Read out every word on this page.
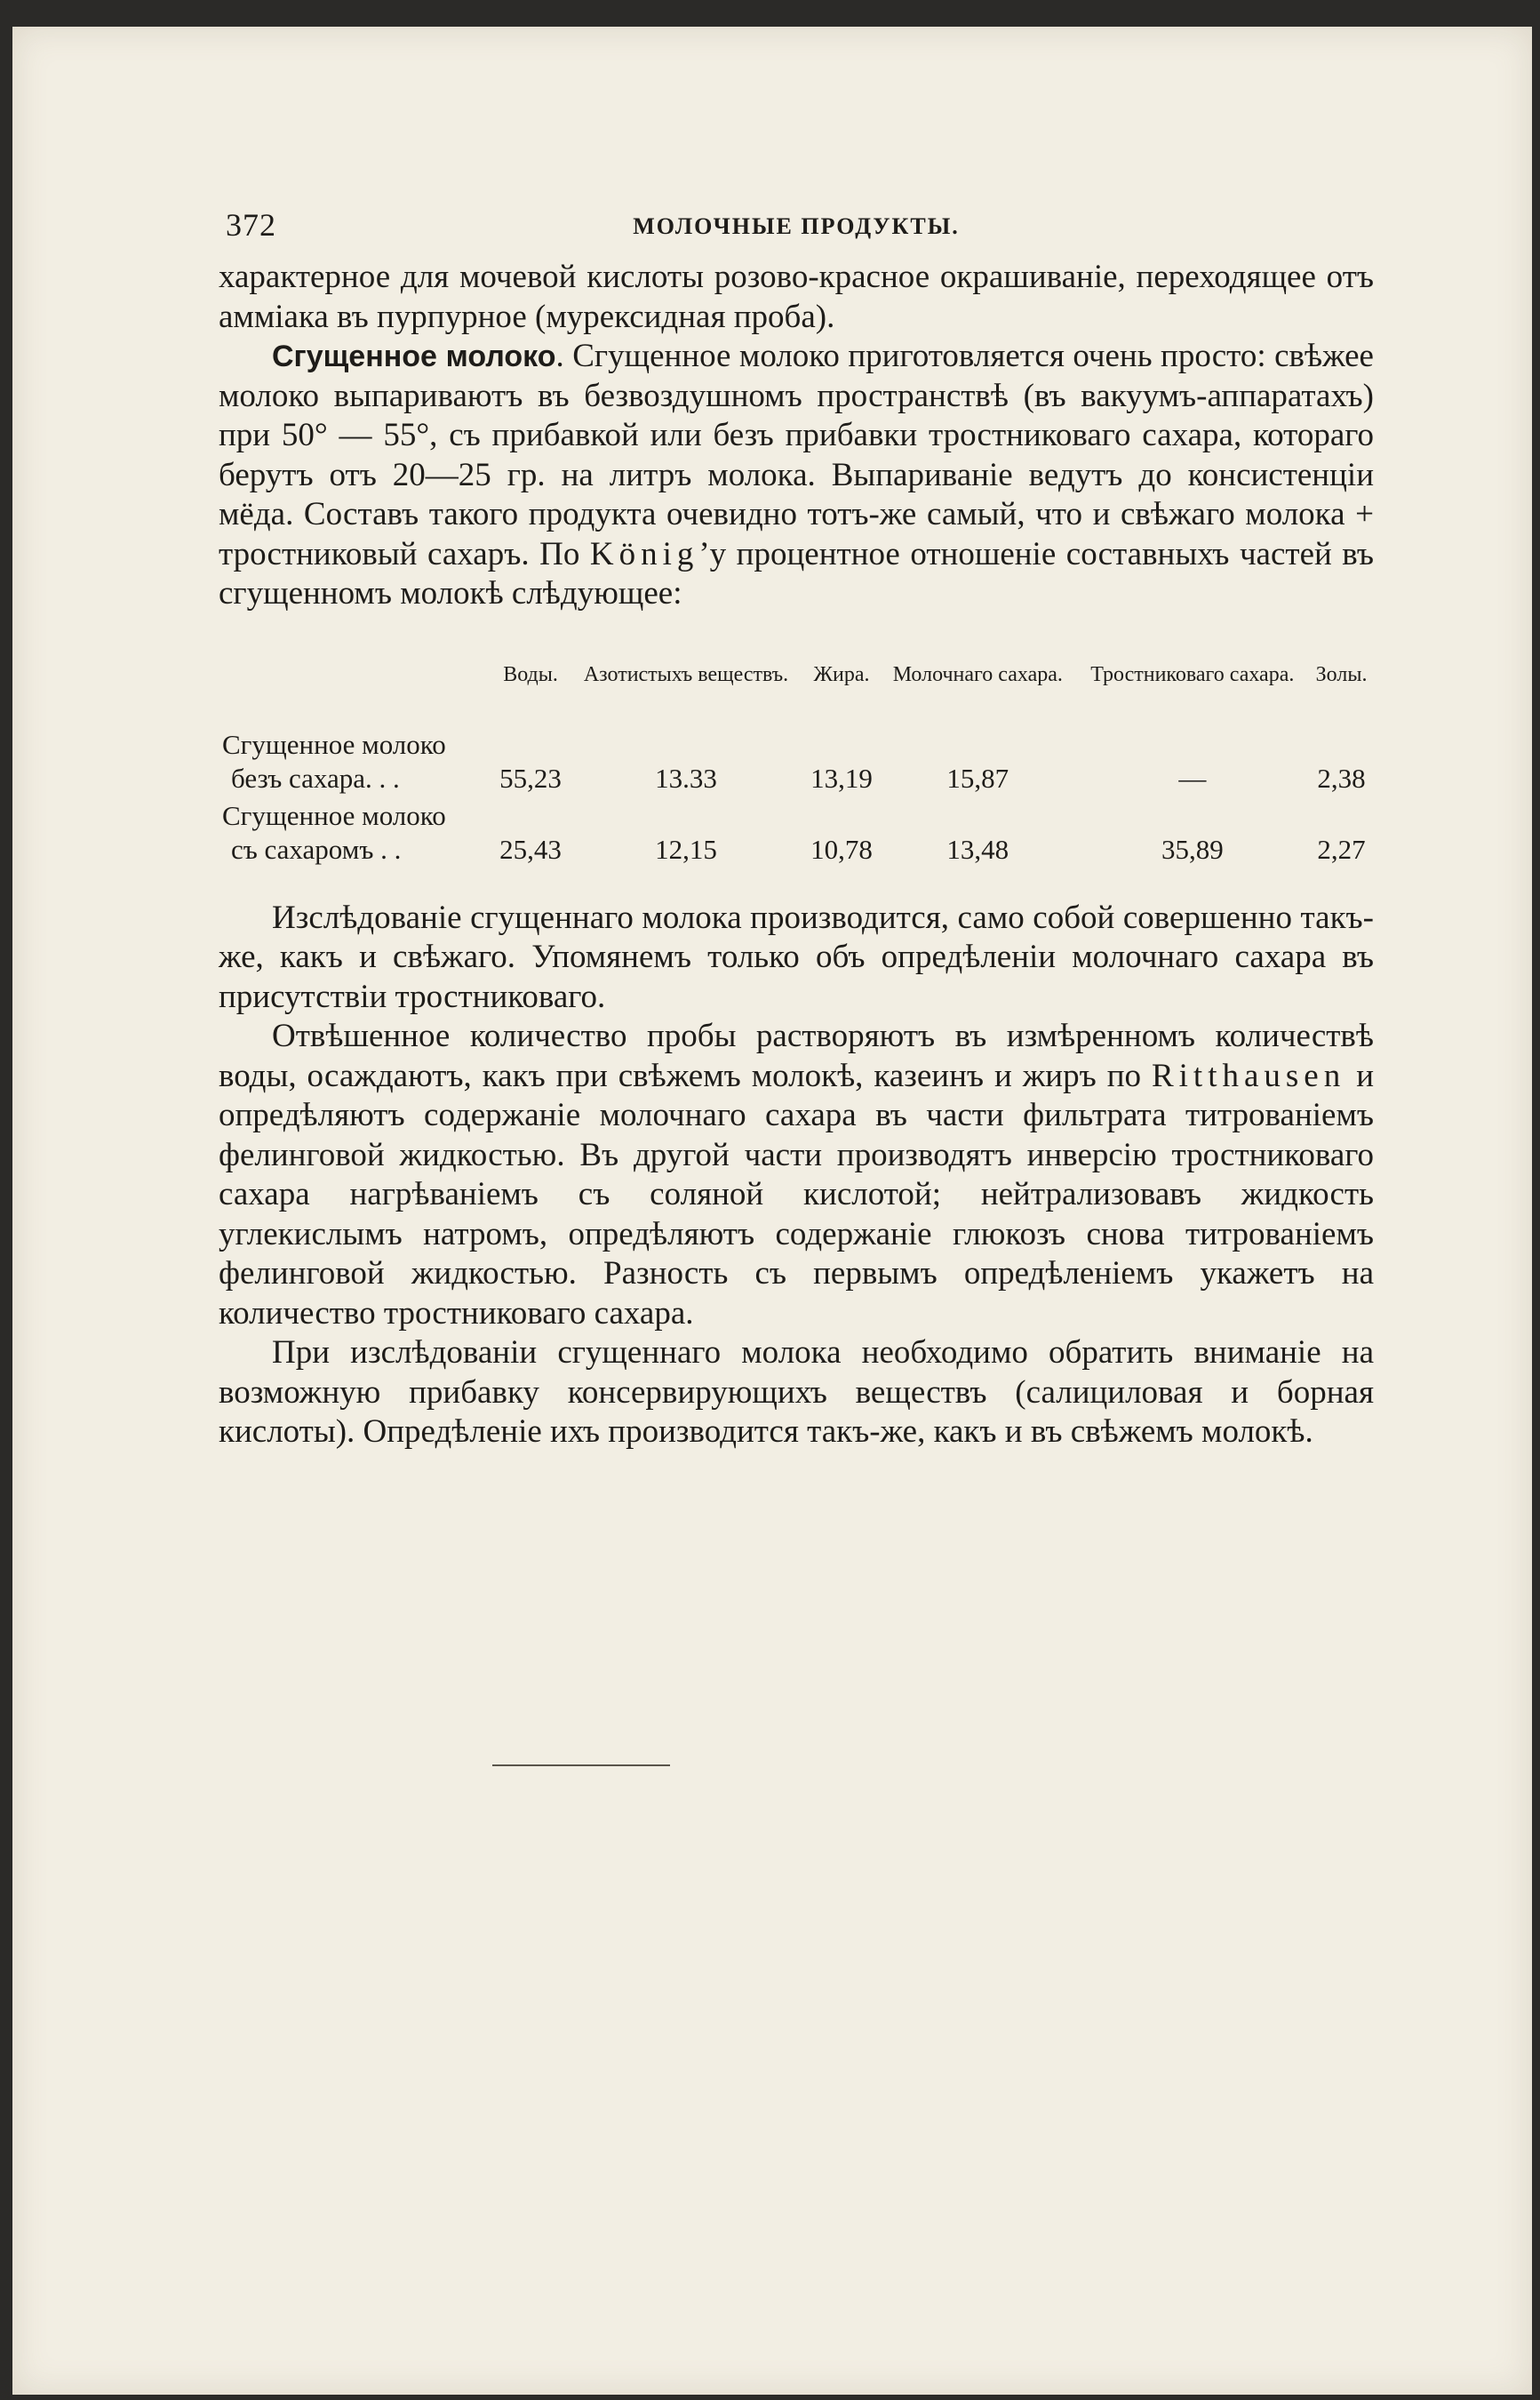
372	МОЛОЧНЫЕ ПРОДУКТЫ.

характерное для мочевой кислоты розово-красное окрашиваніе, переходящее отъ амміака въ пурпурное (мурексидная проба).

Сгущенное молоко. Сгущенное молоко приготовляется очень просто: свѣжее молоко выпариваютъ въ безвоздушномъ пространствѣ (въ вакуумъ-аппаратахъ) при 50° — 55°, съ прибавкой или безъ прибавки тростниковаго сахара, котораго берутъ отъ 20—25 гр. на литръ молока. Выпариваніе ведутъ до консистенціи мёда. Составъ такого продукта очевидно тотъ-же самый, что и свѣжаго молока + тростниковый сахаръ. По König’у процентное отношеніе составныхъ частей въ сгущенномъ молокѣ слѣдующее:

	Воды.	Азотистыхъ веществъ.	Жира.	Молочнаго сахара.	Тростниковаго сахара.	Золы.

Сгущенное молоко
безъ сахара. . .	55,23	13.33	13,19	15,87	—	2,38

Сгущенное молоко
съ сахаромъ . .	25,43	12,15	10,78	13,48	35,89	2,27

Изслѣдованіе сгущеннаго молока производится, само собой совершенно такъ-же, какъ и свѣжаго. Упомянемъ только объ опредѣленіи молочнаго сахара въ присутствіи тростниковаго.

Отвѣшенное количество пробы растворяютъ въ измѣренномъ количествѣ воды, осаждаютъ, какъ при свѣжемъ молокѣ, казеинъ и жиръ по Ritthausen и опредѣляютъ содержаніе молочнаго сахара въ части фильтрата титрованіемъ фелинговой жидкостью. Въ другой части производятъ инверсію тростниковаго сахара нагрѣваніемъ съ соляной кислотой; нейтрализовавъ жидкость углекислымъ натромъ, опредѣляютъ содержаніе глюкозъ снова титрованіемъ фелинговой жидкостью. Разность съ первымъ опредѣленіемъ укажетъ на количество тростниковаго сахара.

При изслѣдованіи сгущеннаго молока необходимо обратить вниманіе на возможную прибавку консервирующихъ веществъ (салициловая и борная кислоты). Опредѣленіе ихъ производится такъ-же, какъ и въ свѣжемъ молокѣ.
